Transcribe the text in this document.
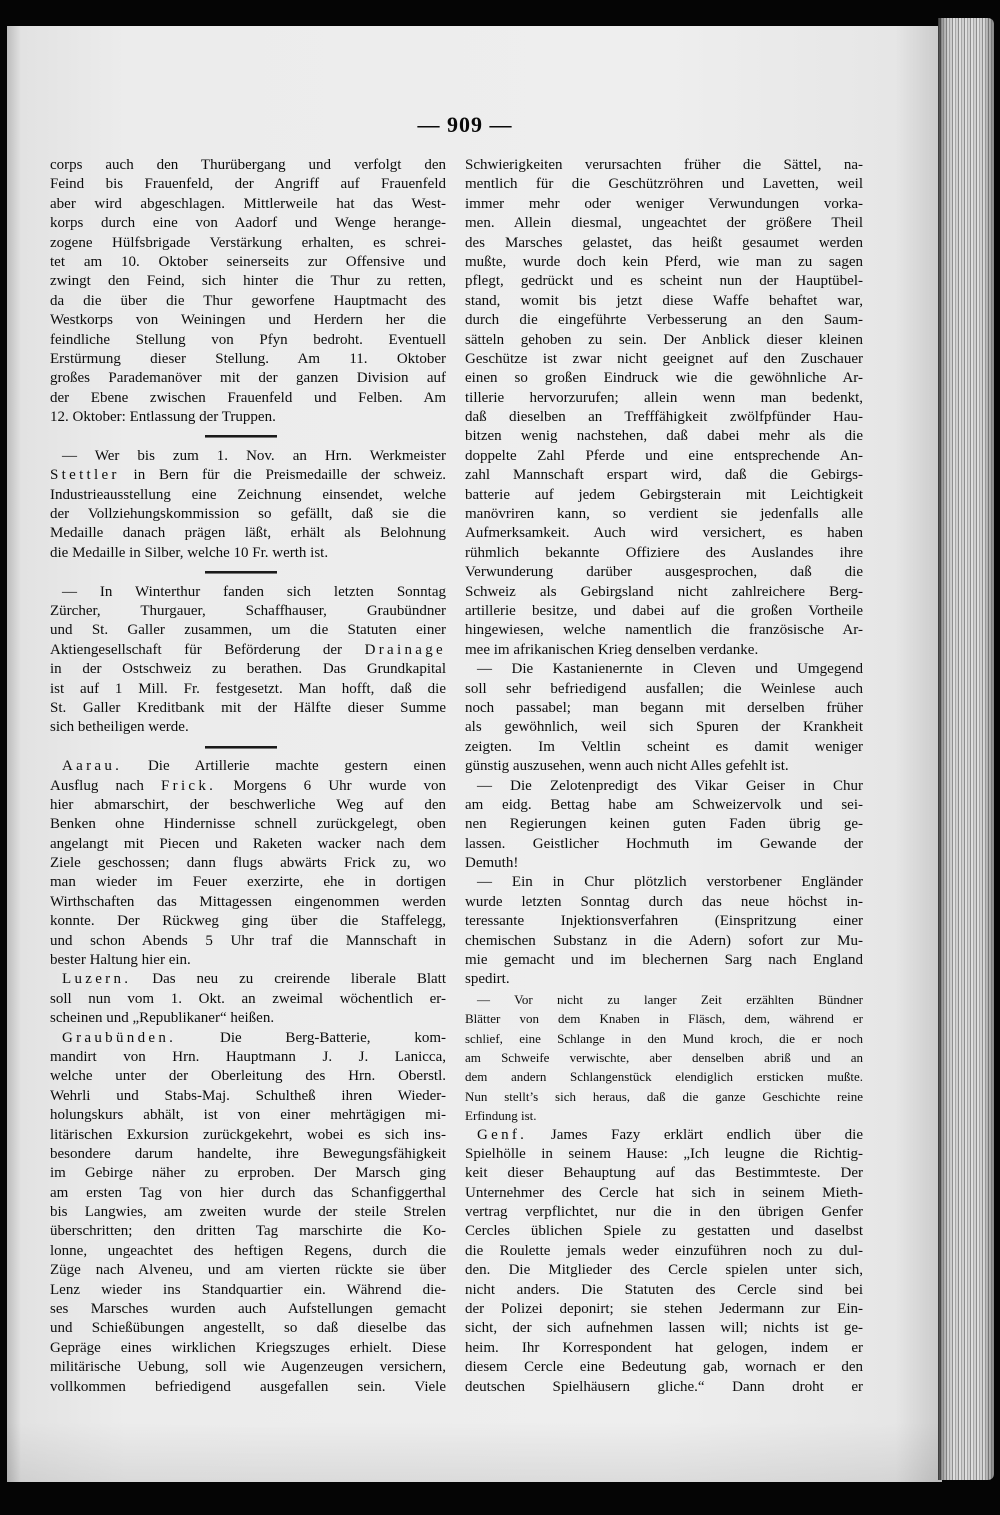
— 909 —
corps auch den Thurübergang und verfolgt den
Feind bis Frauenfeld, der Angriff auf Frauenfeld
aber wird abgeschlagen. Mittlerweile hat das West-
korps durch eine von Aadorf und Wenge herange-
zogene Hülfsbrigade Verstärkung erhalten, es schrei-
tet am 10. Oktober seinerseits zur Offensive und
zwingt den Feind, sich hinter die Thur zu retten,
da die über die Thur geworfene Hauptmacht des
Westkorps von Weiningen und Herdern her die
feindliche Stellung von Pfyn bedroht. Eventuell
Erstürmung dieser Stellung. Am 11. Oktober
großes Parademanöver mit der ganzen Division auf
der Ebene zwischen Frauenfeld und Felben. Am
12. Oktober: Entlassung der Truppen.
— Wer bis zum 1. Nov. an Hrn. Werkmeister
Stettler in Bern für die Preismedaille der schweiz.
Industrieausstellung eine Zeichnung einsendet, welche
der Vollziehungskommission so gefällt, daß sie die
Medaille danach prägen läßt, erhält als Belohnung
die Medaille in Silber, welche 10 Fr. werth ist.
— In Winterthur fanden sich letzten Sonntag
Zürcher, Thurgauer, Schaffhauser, Graubündner
und St. Galler zusammen, um die Statuten einer
Aktiengesellschaft für Beförderung der Drainage
in der Ostschweiz zu berathen. Das Grundkapital
ist auf 1 Mill. Fr. festgesetzt. Man hofft, daß die
St. Galler Kreditbank mit der Hälfte dieser Summe
sich betheiligen werde.
Aarau. Die Artillerie machte gestern einen
Ausflug nach Frick. Morgens 6 Uhr wurde von
hier abmarschirt, der beschwerliche Weg auf den
Benken ohne Hindernisse schnell zurückgelegt, oben
angelangt mit Piecen und Raketen wacker nach dem
Ziele geschossen; dann flugs abwärts Frick zu, wo
man wieder im Feuer exerzirte, ehe in dortigen
Wirthschaften das Mittagessen eingenommen werden
konnte. Der Rückweg ging über die Staffelegg,
und schon Abends 5 Uhr traf die Mannschaft in
bester Haltung hier ein.
Luzern. Das neu zu creirende liberale Blatt
soll nun vom 1. Okt. an zweimal wöchentlich er-
scheinen und „Republikaner“ heißen.
Graubünden. Die Berg-Batterie, kom-
mandirt von Hrn. Hauptmann J. J. Lanicca,
welche unter der Oberleitung des Hrn. Oberstl.
Wehrli und Stabs-Maj. Schultheß ihren Wieder-
holungskurs abhält, ist von einer mehrtägigen mi-
litärischen Exkursion zurückgekehrt, wobei es sich ins-
besondere darum handelte, ihre Bewegungsfähigkeit
im Gebirge näher zu erproben. Der Marsch ging
am ersten Tag von hier durch das Schanfiggerthal
bis Langwies, am zweiten wurde der steile Strelen
überschritten; den dritten Tag marschirte die Ko-
lonne, ungeachtet des heftigen Regens, durch die
Züge nach Alveneu, und am vierten rückte sie über
Lenz wieder ins Standquartier ein. Während die-
ses Marsches wurden auch Aufstellungen gemacht
und Schießübungen angestellt, so daß dieselbe das
Gepräge eines wirklichen Kriegszuges erhielt. Diese
militärische Uebung, soll wie Augenzeugen versichern,
vollkommen befriedigend ausgefallen sein. Viele
Schwierigkeiten verursachten früher die Sättel, na-
mentlich für die Geschützröhren und Lavetten, weil
immer mehr oder weniger Verwundungen vorka-
men. Allein diesmal, ungeachtet der größere Theil
des Marsches gelastet, das heißt gesaumet werden
mußte, wurde doch kein Pferd, wie man zu sagen
pflegt, gedrückt und es scheint nun der Hauptübel-
stand, womit bis jetzt diese Waffe behaftet war,
durch die eingeführte Verbesserung an den Saum-
sätteln gehoben zu sein. Der Anblick dieser kleinen
Geschütze ist zwar nicht geeignet auf den Zuschauer
einen so großen Eindruck wie die gewöhnliche Ar-
tillerie hervorzurufen; allein wenn man bedenkt,
daß dieselben an Trefffähigkeit zwölfpfünder Hau-
bitzen wenig nachstehen, daß dabei mehr als die
doppelte Zahl Pferde und eine entsprechende An-
zahl Mannschaft erspart wird, daß die Gebirgs-
batterie auf jedem Gebirgsterain mit Leichtigkeit
manövriren kann, so verdient sie jedenfalls alle
Aufmerksamkeit. Auch wird versichert, es haben
rühmlich bekannte Offiziere des Auslandes ihre
Verwunderung darüber ausgesprochen, daß die
Schweiz als Gebirgsland nicht zahlreichere Berg-
artillerie besitze, und dabei auf die großen Vortheile
hingewiesen, welche namentlich die französische Ar-
mee im afrikanischen Krieg denselben verdanke.
— Die Kastanienernte in Cleven und Umgegend
soll sehr befriedigend ausfallen; die Weinlese auch
noch passabel; man begann mit derselben früher
als gewöhnlich, weil sich Spuren der Krankheit
zeigten. Im Veltlin scheint es damit weniger
günstig auszusehen, wenn auch nicht Alles gefehlt ist.
— Die Zelotenpredigt des Vikar Geiser in Chur
am eidg. Bettag habe am Schweizervolk und sei-
nen Regierungen keinen guten Faden übrig ge-
lassen. Geistlicher Hochmuth im Gewande der
Demuth!
— Ein in Chur plötzlich verstorbener Engländer
wurde letzten Sonntag durch das neue höchst in-
teressante Injektionsverfahren (Einspritzung einer
chemischen Substanz in die Adern) sofort zur Mu-
mie gemacht und im blechernen Sarg nach England
spedirt.
— Vor nicht zu langer Zeit erzählten Bündner
Blätter von dem Knaben in Fläsch, dem, während er
schlief, eine Schlange in den Mund kroch, die er noch
am Schweife verwischte, aber denselben abriß und an
dem andern Schlangenstück elendiglich ersticken mußte.
Nun stellt’s sich heraus, daß die ganze Geschichte reine
Erfindung ist.
Genf. James Fazy erklärt endlich über die
Spielhölle in seinem Hause: „Ich leugne die Richtig-
keit dieser Behauptung auf das Bestimmteste. Der
Unternehmer des Cercle hat sich in seinem Mieth-
vertrag verpflichtet, nur die in den übrigen Genfer
Cercles üblichen Spiele zu gestatten und daselbst
die Roulette jemals weder einzuführen noch zu dul-
den. Die Mitglieder des Cercle spielen unter sich,
nicht anders. Die Statuten des Cercle sind bei
der Polizei deponirt; sie stehen Jedermann zur Ein-
sicht, der sich aufnehmen lassen will; nichts ist ge-
heim. Ihr Korrespondent hat gelogen, indem er
diesem Cercle eine Bedeutung gab, wornach er den
deutschen Spielhäusern gliche.“ Dann droht er
